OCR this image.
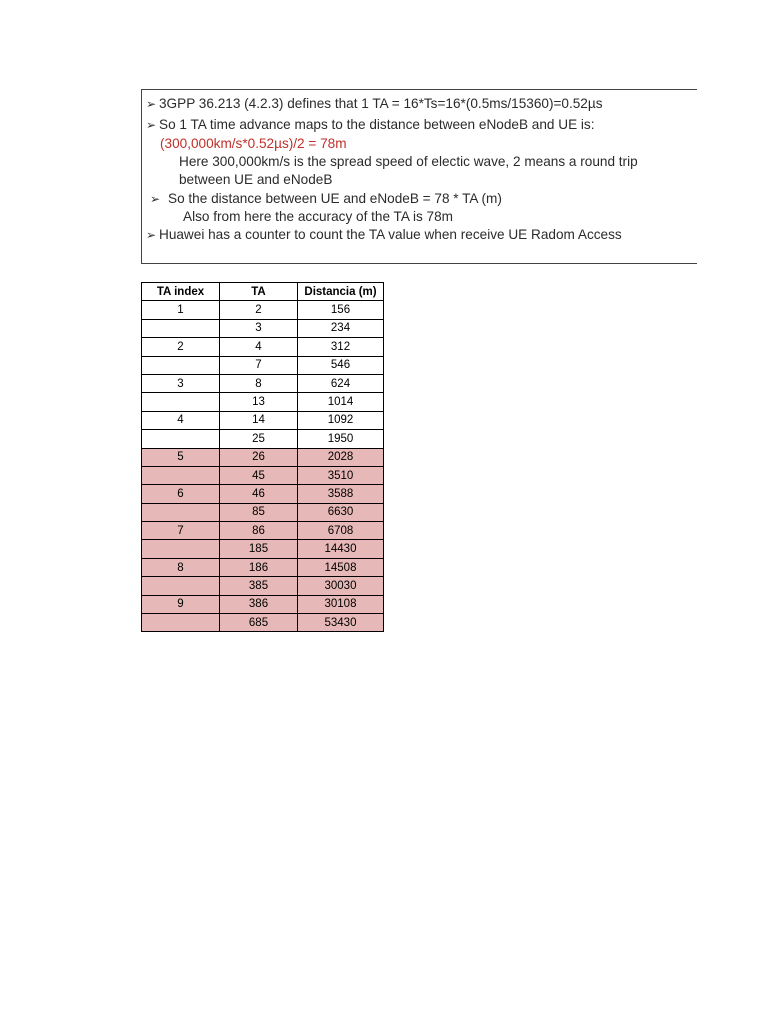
➢ 3GPP 36.213 (4.2.3) defines that 1 TA = 16*Ts=16*(0.5ms/15360)=0.52µs
➢ So 1 TA time advance maps to the distance between eNodeB and UE is:
(300,000km/s*0.52µs)/2 = 78m
Here 300,000km/s is the spread speed of electic wave, 2 means a round trip
between UE and eNodeB
➢ So the distance between UE and eNodeB = 78 * TA (m)
Also from here the accuracy of the TA is 78m
➢ Huawei has a counter to count the TA value when receive UE Radom Access
TA index	TA	Distancia (m)
1	2	156
	3	234
2	4	312
	7	546
3	8	624
	13	1014
4	14	1092
	25	1950
5	26	2028
	45	3510
6	46	3588
	85	6630
7	86	6708
	185	14430
8	186	14508
	385	30030
9	386	30108
	685	53430
